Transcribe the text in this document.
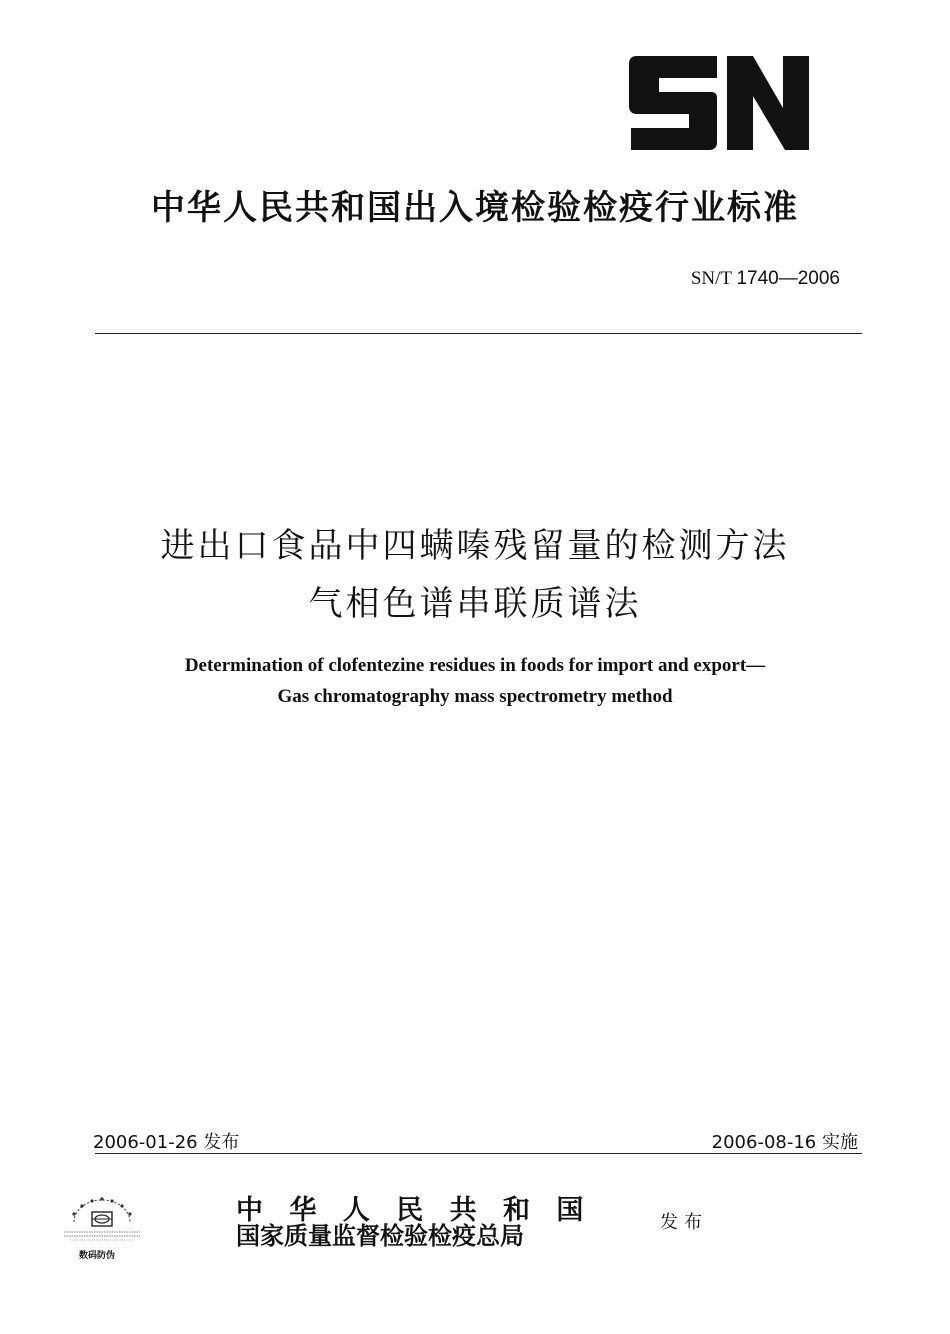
中华人民共和国出入境检验检疫行业标准
SN/T 1740—2006
进出口食品中四螨嗪残留量的检测方法
气相色谱串联质谱法
Determination of clofentezine residues in foods for import and export—
Gas chromatography mass spectrometry method
2006-01-26 发布	2006-08-16 实施
数码防伪
中 华 人 民 共 和 国
国家质量监督检验检疫总局	发布
